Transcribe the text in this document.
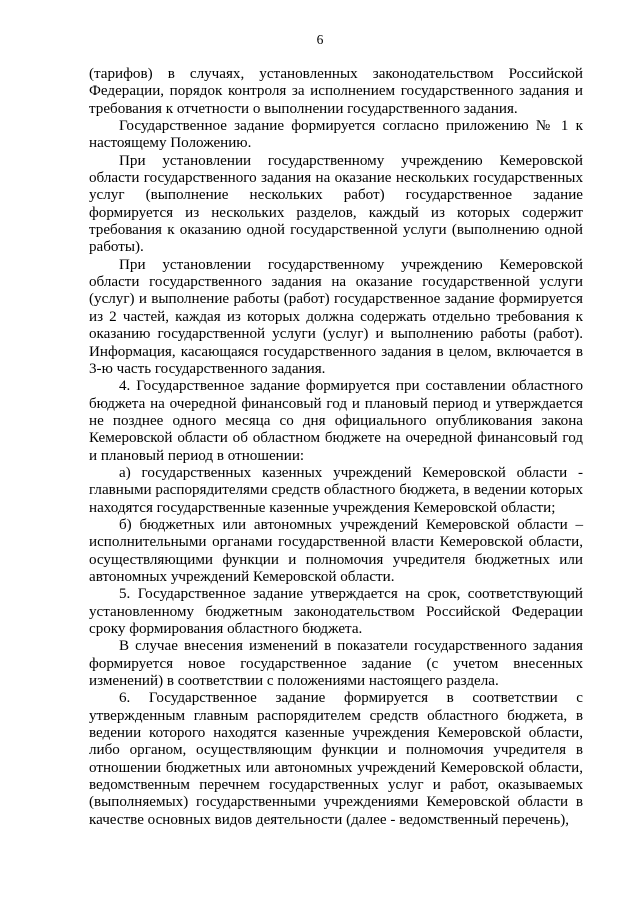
6

(тарифов) в случаях, установленных законодательством Российской Федерации, порядок контроля за исполнением государственного задания и требования к отчетности о выполнении государственного задания.

Государственное задание формируется согласно приложению № 1 к настоящему Положению.

При установлении государственному учреждению Кемеровской области государственного задания на оказание нескольких государственных услуг (выполнение нескольких работ) государственное задание формируется из нескольких разделов, каждый из которых содержит требования к оказанию одной государственной услуги (выполнению одной работы).

При установлении государственному учреждению Кемеровской области государственного задания на оказание государственной услуги (услуг) и выполнение работы (работ) государственное задание формируется из 2 частей, каждая из которых должна содержать отдельно требования к оказанию государственной услуги (услуг) и выполнению работы (работ). Информация, касающаяся государственного задания в целом, включается в 3-ю часть государственного задания.

4. Государственное задание формируется при составлении областного бюджета на очередной финансовый год и плановый период и утверждается не позднее одного месяца со дня официального опубликования закона Кемеровской области об областном бюджете на очередной финансовый год и плановый период в отношении:

а) государственных казенных учреждений Кемеровской области - главными распорядителями средств областного бюджета, в ведении которых находятся государственные казенные учреждения Кемеровской области;

б) бюджетных или автономных учреждений Кемеровской области – исполнительными органами государственной власти Кемеровской области, осуществляющими функции и полномочия учредителя бюджетных или автономных учреждений Кемеровской области.

5. Государственное задание утверждается на срок, соответствующий установленному бюджетным законодательством Российской Федерации сроку формирования областного бюджета.

В случае внесения изменений в показатели государственного задания формируется новое государственное задание (с учетом внесенных изменений) в соответствии с положениями настоящего раздела.

6. Государственное задание формируется в соответствии с утвержденным главным распорядителем средств областного бюджета, в ведении которого находятся казенные учреждения Кемеровской области, либо органом, осуществляющим функции и полномочия учредителя в отношении бюджетных или автономных учреждений Кемеровской области, ведомственным перечнем государственных услуг и работ, оказываемых (выполняемых) государственными учреждениями Кемеровской области в качестве основных видов деятельности (далее - ведомственный перечень),
